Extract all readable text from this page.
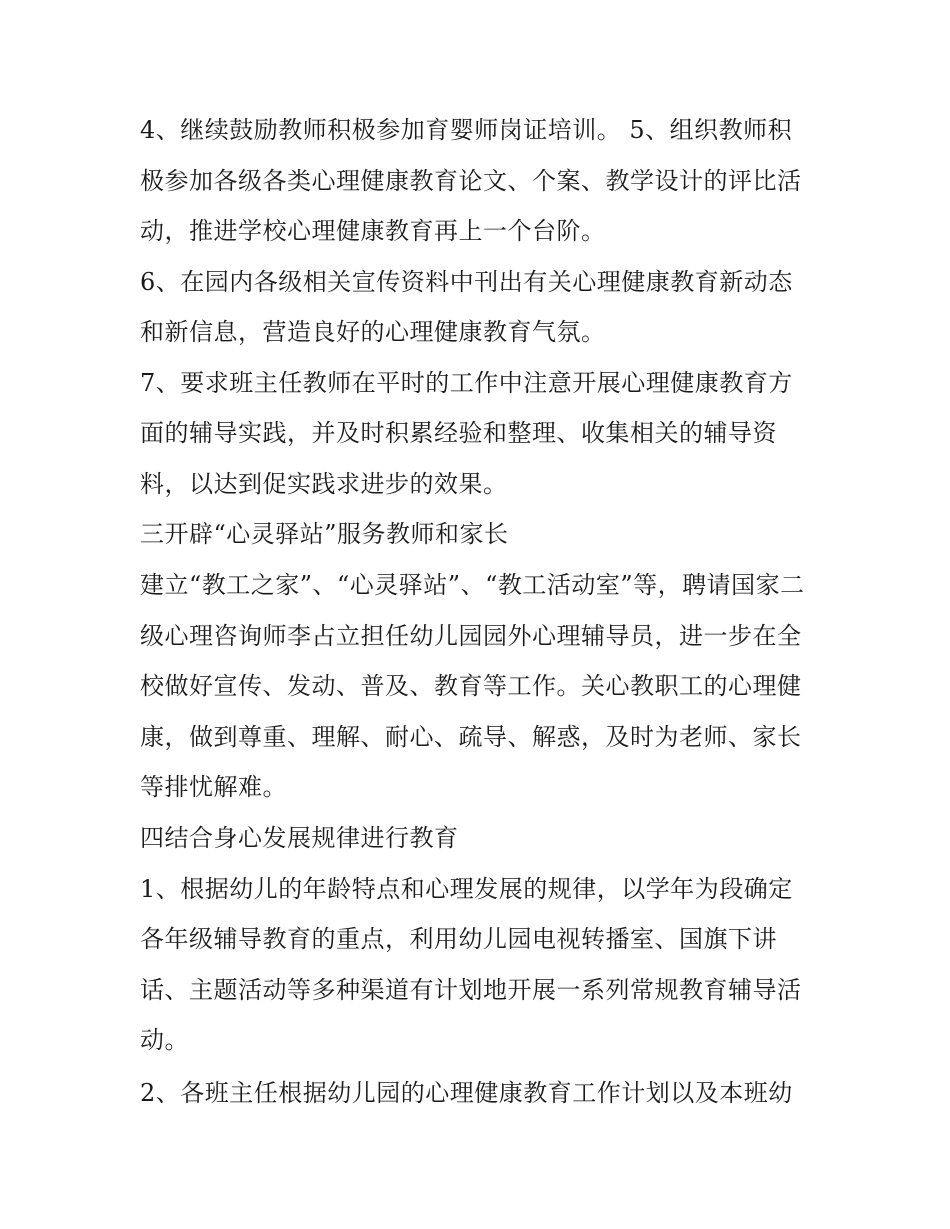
4、继续鼓励教师积极参加育婴师岗证培训。 5、组织教师积
极参加各级各类心理健康教育论文、个案、教学设计的评比活
动，推进学校心理健康教育再上一个台阶。
6、在园内各级相关宣传资料中刊出有关心理健康教育新动态
和新信息，营造良好的心理健康教育气氛。
7、要求班主任教师在平时的工作中注意开展心理健康教育方
面的辅导实践，并及时积累经验和整理、收集相关的辅导资
料，以达到促实践求进步的效果。
三开辟“心灵驿站”服务教师和家长
建立“教工之家”、“心灵驿站”、“教工活动室”等，聘请国家二
级心理咨询师李占立担任幼儿园园外心理辅导员，进一步在全
校做好宣传、发动、普及、教育等工作。关心教职工的心理健
康，做到尊重、理解、耐心、疏导、解惑，及时为老师、家长
等排忧解难。
四结合身心发展规律进行教育
1、根据幼儿的年龄特点和心理发展的规律，以学年为段确定
各年级辅导教育的重点，利用幼儿园电视转播室、国旗下讲
话、主题活动等多种渠道有计划地开展一系列常规教育辅导活
动。
2、各班主任根据幼儿园的心理健康教育工作计划以及本班幼
